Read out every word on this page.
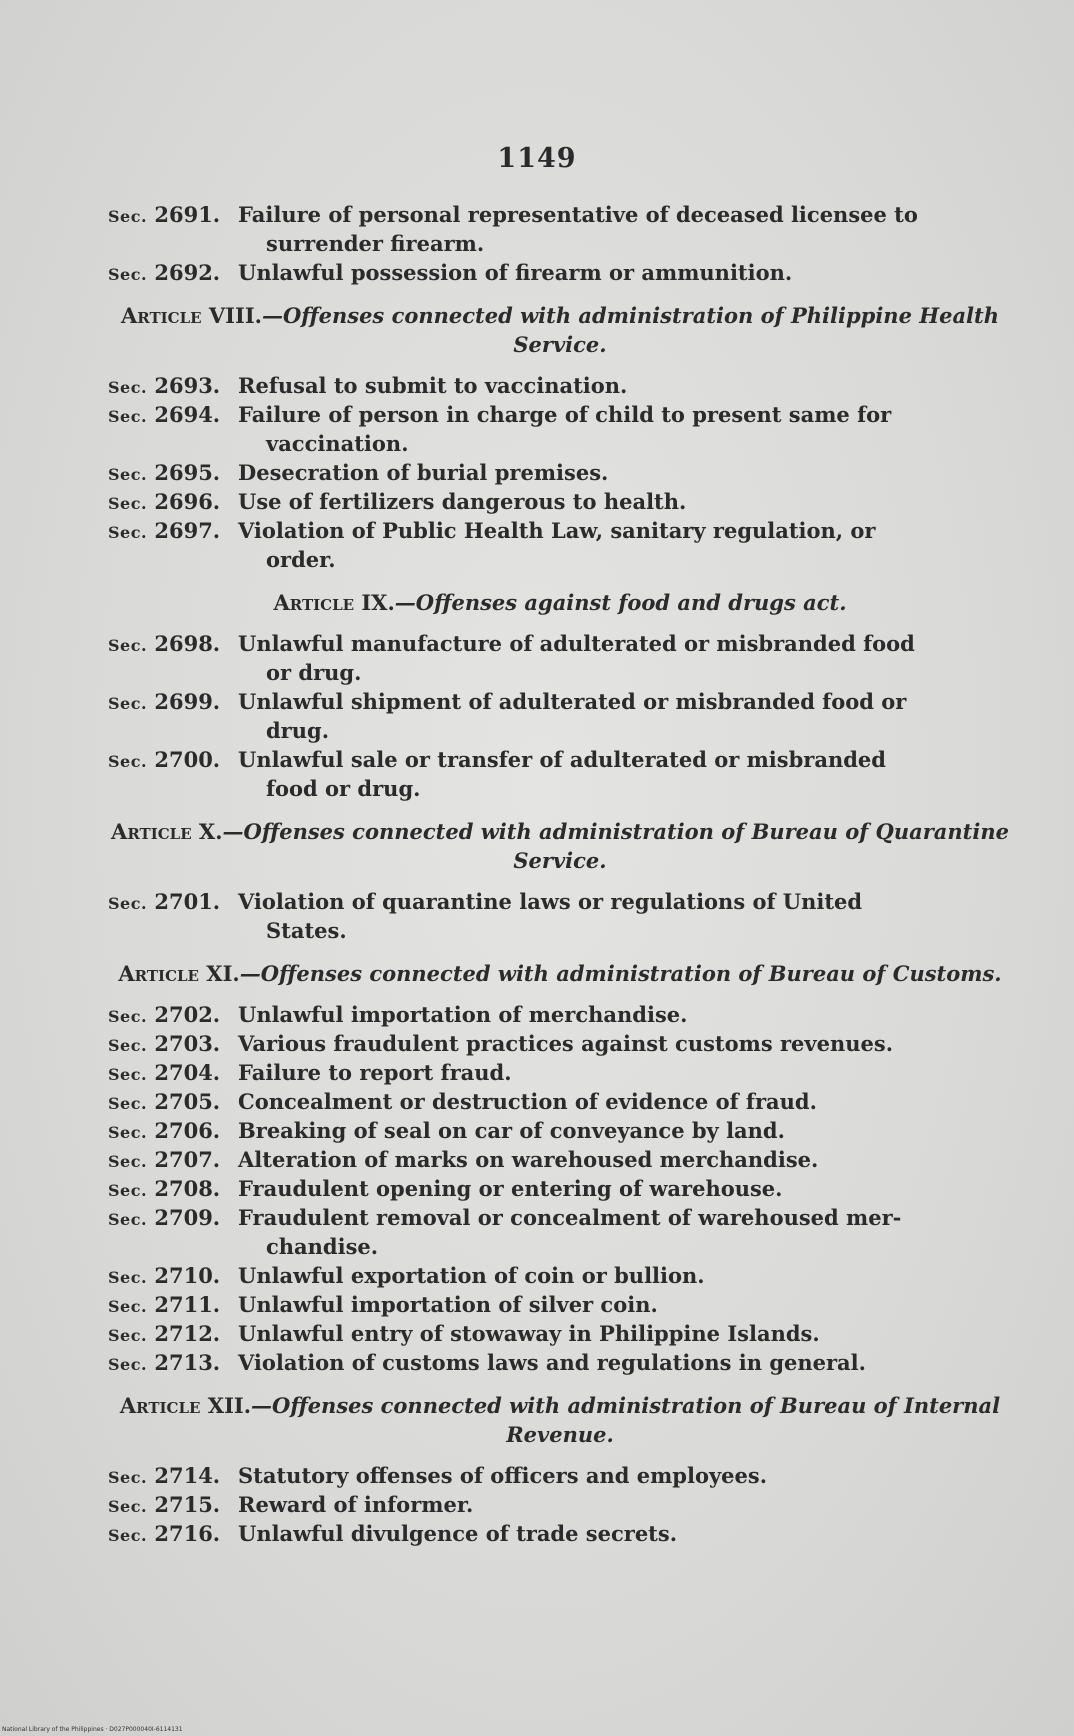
1149
Sec. 2691. Failure of personal representative of deceased licensee to
surrender firearm.
Sec. 2692. Unlawful possession of firearm or ammunition.
Article VIII.—Offenses connected with administration of Philippine Health Service.
Sec. 2693. Refusal to submit to vaccination.
Sec. 2694. Failure of person in charge of child to present same for
vaccination.
Sec. 2695. Desecration of burial premises.
Sec. 2696. Use of fertilizers dangerous to health.
Sec. 2697. Violation of Public Health Law, sanitary regulation, or
order.
Article IX.—Offenses against food and drugs act.
Sec. 2698. Unlawful manufacture of adulterated or misbranded food
or drug.
Sec. 2699. Unlawful shipment of adulterated or misbranded food or
drug.
Sec. 2700. Unlawful sale or transfer of adulterated or misbranded
food or drug.
Article X.—Offenses connected with administration of Bureau of Quarantine Service.
Sec. 2701. Violation of quarantine laws or regulations of United
States.
Article XI.—Offenses connected with administration of Bureau of Customs.
Sec. 2702. Unlawful importation of merchandise.
Sec. 2703. Various fraudulent practices against customs revenues.
Sec. 2704. Failure to report fraud.
Sec. 2705. Concealment or destruction of evidence of fraud.
Sec. 2706. Breaking of seal on car of conveyance by land.
Sec. 2707. Alteration of marks on warehoused merchandise.
Sec. 2708. Fraudulent opening or entering of warehouse.
Sec. 2709. Fraudulent removal or concealment of warehoused mer-
chandise.
Sec. 2710. Unlawful exportation of coin or bullion.
Sec. 2711. Unlawful importation of silver coin.
Sec. 2712. Unlawful entry of stowaway in Philippine Islands.
Sec. 2713. Violation of customs laws and regulations in general.
Article XII.—Offenses connected with administration of Bureau of Internal Revenue.
Sec. 2714. Statutory offenses of officers and employees.
Sec. 2715. Reward of informer.
Sec. 2716. Unlawful divulgence of trade secrets.
National Library of the Philippines · D027P000040I-6114131
